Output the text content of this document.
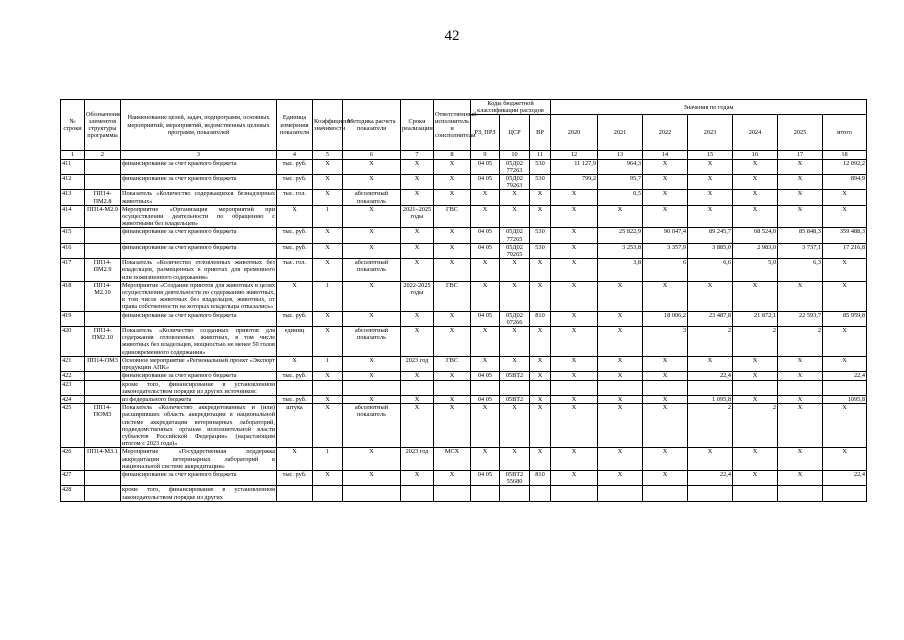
42
№ строки	Обозначение элементов структуры программы	Наименование целей, задач, подпрограмм, основных мероприятий, мероприятий, ведомственных целевых программ, показателей	Единица измерения показателя	Коэффициент значимости	Методика расчета показателя	Сроки реализации	Ответственный исполнитель и соисполнители	Коды бюджетной классификации расходов			Значения по годам						
								РЗ, ПРЗ	ЦСР	ВР	2020	2021	2022	2023	2024	2025	итого
1	2	3	4	5	6	7	8	9	10	11	12	13	14	15	16	17	18
411		финансирование за счет краевого бюджета	тыс. руб.	X	X	X	X	04 05	05Д02 77263	530	11 127,9	964,3	X	X	X	X	12 092,2
412		финансирование за счет краевого бюджета	тыс. руб.	X	X	X	X	04 05	05Д02 79263	530	799,2	95,7	X	X	X	X	894,9
413	ПП14-ПМ2.8	Показатель «Количество содержащихся безнадзорных животных»	тыс. гол.	X	абсолютный показатель	X	X	X	X	X	X	0,5	X	X	X	X	X
414	ПП14-М2.9	Мероприятие «Организация мероприятий при осуществлении деятельности по обращению с животными без владельцев»	X	1	X	2021–2025 годы	ГВС	X	X	X	X	X	X	X	X	X	X
415		финансирование за счет краевого бюджета	тыс. руб.	X	X	X	X	04 05	05Д02 77265	530	X	25 822,9	90 047,4	89 245,7	68 524,0	85 848,3	359 488,3
416		финансирование за счет краевого бюджета	тыс. руб.	X	X	X	X	04 05	05Д02 79265	530	X	3 253,8	3 357,9	3 885,0	2 983,0	3 737,1	17 216,8
417	ПП14-ПМ2.9	Показатель «Количество отловленных животных без владельцев, размещенных в приютах для временного или пожизненного содержания»	тыс. гол.	X	абсолютный показатель	X	X	X	X	X	X	3,8	6	6,6	5,0	6,3	X
418	ПП14-М2.10	Мероприятие «Создание приютов для животных в целях осуществления деятельности по содержанию животных, в том числе животных без владельцев, животных, от права собственности на которых владельцы отказались»	X	1	X	2022-2025 годы	ГВС	X	X	X	X	X	X	X	X	X	X
419		финансирование за счет краевого бюджета	тыс. руб.	X	X	X	X	04 05	05Д02 07266	810	X	X	18 006,2	23 487,8	21 872,1	22 593,7	85 959,8
420	ПП14-ПМ2.10	Показатель «Количество созданных приютов для содержания отловленных животных, в том числе животных без владельцев, мощностью не менее 50 голов единовременного содержания»	единиц	X	абсолютный показатель	X	X	X	X	X	X	X	3	2	2	2	X
421	ПП14-ОМ3	Основное мероприятие «Региональный проект «Экспорт продукции АПК»	X	1	X	2023 год	ГВС	X	X	X	X	X	X	X	X	X	X
422		финансирование за счет краевого бюджета	тыс. руб.	X	X	X	X	04 05	05ВТ2	X	X	X	X	22,4	X	X	22,4
423		кроме того, финансирование в установленном законодательством порядке из других источников:															
424		из федерального бюджета	тыс. руб.	X	X	X	X	04 05	05ВТ2	X	X	X	X	1 095,8	X	X	1095,8
425	ПП14-ПОМ3	Показатель «Количество аккредитованных и (или) расширивших область аккредитации в национальной системе аккредитации ветеринарных лабораторий, подведомственных органам исполнительной власти субъектов Российской Федерации» (нарастающим итогом с 2023 года)»	штука	X	абсолютный показатель	X	X	X	X	X	X	X	X	2	2	X	X
426	ПП14-М3.1	Мероприятие «Государственная поддержка аккредитации ветеринарных лабораторий в национальной системе аккредитации»	X	1	X	2023 год	МСХ	X	X	X	X	X	X	X	X	X	X
427		финансирование за счет краевого бюджета	тыс. руб.	X	X	X	X	04 05	05ВТ2 55680	810	X	X	X	22,4	X	X	22,4
428		кроме того, финансирование в установленном законодательством порядке из других															
